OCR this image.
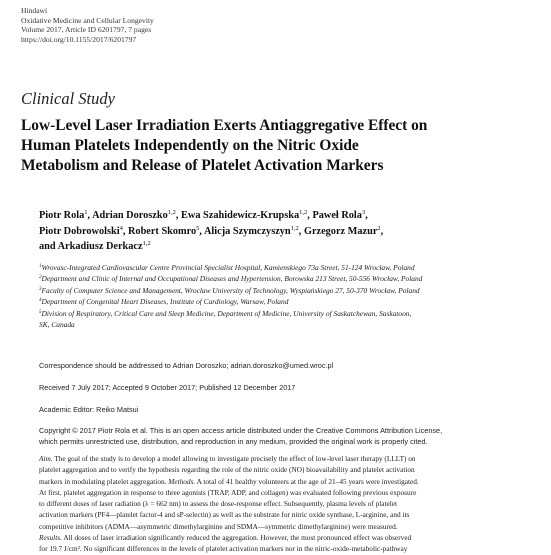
Hindawi
Oxidative Medicine and Cellular Longevity
Volume 2017, Article ID 6201797, 7 pages
https://doi.org/10.1155/2017/6201797
Clinical Study
Low-Level Laser Irradiation Exerts Antiaggregative Effect on
Human Platelets Independently on the Nitric Oxide
Metabolism and Release of Platelet Activation Markers
Piotr Rola$^1$, Adrian Doroszko$^{1,2}$, Ewa Szahidewicz-Krupska$^{1,2}$, Paweł Rola$^3$,
Piotr Dobrowolski$^4$, Robert Skomro$^5$, Alicja Szymczyszyn$^{1,2}$, Grzegorz Mazur$^2$,
and Arkadiusz Derkacz$^{1,2}$
$^1$Wrovasc-Integrated Cardiovascular Centre Provincial Specialist Hospital, Kamienskiego 73a Street, 51-124 Wrocław, Poland
$^2$Department and Clinic of Internal and Occupational Diseases and Hypertension, Borowska 213 Street, 50-556 Wrocław, Poland
$^3$Faculty of Computer Science and Management, Wroclaw University of Technology, Wyspiańskiego 27, 50-370 Wrocław, Poland
$^4$Department of Congenital Heart Diseases, Institute of Cardiology, Warsaw, Poland
$^5$Division of Respiratory, Critical Care and Sleep Medicine, Department of Medicine, University of Saskatchewan, Saskatoon,
SK, Canada
Correspondence should be addressed to Adrian Doroszko; adrian.doroszko@umed.wroc.pl
Received 7 July 2017; Accepted 9 October 2017; Published 12 December 2017
Academic Editor: Reiko Matsui
Copyright © 2017 Piotr Rola et al. This is an open access article distributed under the Creative Commons Attribution License,
which permits unrestricted use, distribution, and reproduction in any medium, provided the original work is properly cited.
Aim. The goal of the study is to develop a model allowing to investigate precisely the effect of low-level laser therapy (LLLT) on
platelet aggregation and to verify the hypothesis regarding the role of the nitric oxide (NO) bioavailability and platelet activation
markers in modulating platelet aggregation. Methods. A total of 41 healthy volunteers at the age of 21–45 years were investigated.
At first, platelet aggregation in response to three agonists (TRAP, ADP, and collagen) was evaluated following previous exposure
to different doses of laser radiation (λ = 662 nm) to assess the dose-response effect. Subsequently, plasma levels of platelet
activation markers (PF4—platelet factor-4 and sP-selectin) as well as the substrate for nitric oxide synthase, L-arginine, and its
competitive inhibitors (ADMA—asymmetric dimethylarginine and SDMA—symmetric dimethylarginine) were measured.
Results. All doses of laser irradiation significantly reduced the aggregation. However, the most pronounced effect was observed
for 19.7 J/cm². No significant differences in the levels of platelet activation markers nor in the nitric-oxide-metabolic-pathway
